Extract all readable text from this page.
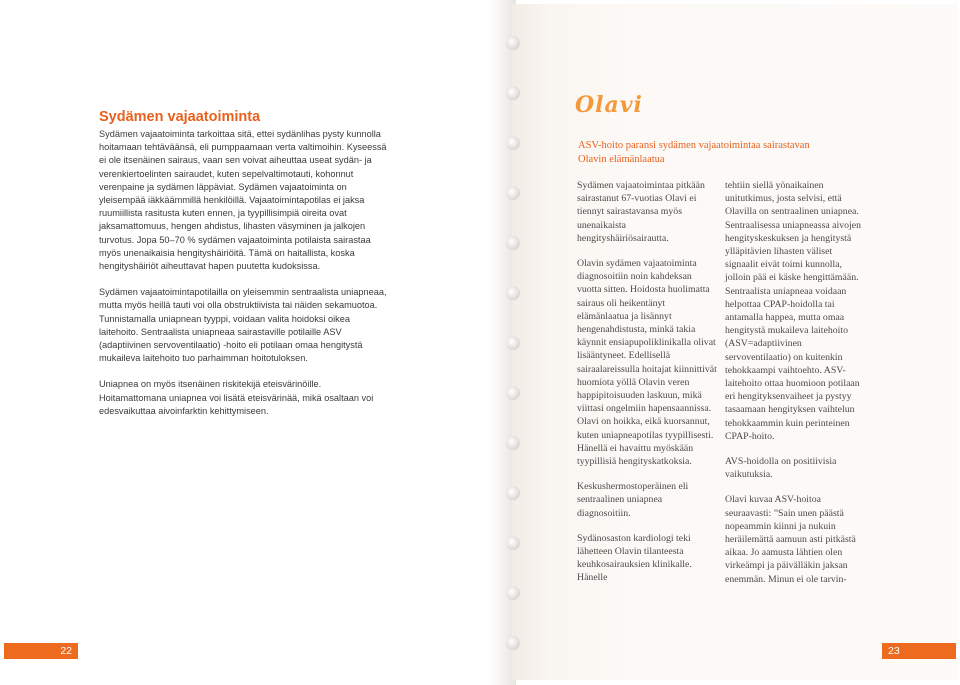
Sydämen vajaatoiminta

Sydämen vajaatoiminta tarkoittaa sitä, ettei sydänlihas pysty kunnolla hoitamaan tehtäväänsä, eli pumppaamaan verta valtimoihin. Kyseessä ei ole itsenäinen sairaus, vaan sen voivat aiheuttaa useat sydän- ja verenkiertoelinten sairaudet, kuten sepelvaltimotauti, kohonnut verenpaine ja sydämen läppäviat. Sydämen vajaatoiminta on yleisempää iäkkäämmillä henkilöillä. Vajaatoimintapotilas ei jaksa ruumiillista rasitusta kuten ennen, ja tyypillisimpiä oireita ovat jaksamattomuus, hengen ahdistus, lihasten väsyminen ja jalkojen turvotus. Jopa 50–70 % sydämen vajaatoiminta potilaista sairastaa myös unenaikaisia hengityshäiriöitä. Tämä on haitallista, koska hengityshäiriöt aiheuttavat hapen puutetta kudoksissa.

Sydämen vajaatoimintapotilailla on yleisemmin sentraalista uniapneaa, mutta myös heillä tauti voi olla obstruktiivista tai näiden sekamuotoa. Tunnistamalla uniapnean tyyppi, voidaan valita hoidoksi oikea laitehoito. Sentraalista uniapneaa sairastaville potilaille ASV (adaptiivinen servoventilaatio) -hoito eli potilaan omaa hengitystä mukaileva laitehoito tuo parhaimman hoitotuloksen.

Uniapnea on myös itsenäinen riskitekijä eteisvärinöille. Hoitamattomana uniapnea voi lisätä eteisvärinää, mikä osaltaan voi edesvaikuttaa aivoinfarktin kehittymiseen.

Olavi
ASV-hoito paransi sydämen vajaatoimintaa sairastavan Olavin elämänlaatua

Sydämen vajaatoimintaa pitkään sairastanut 67-vuotias Olavi ei tiennyt sairastavansa myös unenaikaista hengityshäiriösairautta.

Olavin sydämen vajaatoiminta diagnosoitiin noin kahdeksan vuotta sitten. Hoidosta huolimatta sairaus oli heikentänyt elämänlaatua ja lisännyt hengenahdistusta, minkä takia käynnit ensiapupoliklinikalla olivat lisääntyneet. Edellisellä sairaalareissulla hoitajat kiinnittivät huomiota yöllä Olavin veren happipitoisuuden laskuun, mikä viittasi ongelmiin hapensaannissa. Olavi on hoikka, eikä kuorsannut, kuten uniapneapotilas tyypillisesti. Hänellä ei havaittu myöskään tyypillisiä hengityskatkoksia.

Keskushermostoperäinen eli sentraalinen uniapnea diagnosoitiin.

Sydänosaston kardiologi teki lähetteen Olavin tilanteesta keuhkosairauksien klinikalle. Hänelle

tehtiin siellä yönaikainen unitutkimus, josta selvisi, että Olavilla on sentraalinen uniapnea. Sentraalisessa uniapneassa aivojen hengityskeskuksen ja hengitystä ylläpitävien lihasten väliset signaalit eivät toimi kunnolla, jolloin pää ei käske hengittämään. Sentraalista uniapneaa voidaan helpottaa CPAP-hoidolla tai antamalla happea, mutta omaa hengitystä mukaileva laitehoito (ASV=adaptiivinen servoventilaatio) on kuitenkin tehokkaampi vaihtoehto. ASV-laitehoito ottaa huomioon potilaan eri hengityksenvaiheet ja pystyy tasaamaan hengityksen vaihtelun tehokkaammin kuin perinteinen CPAP-hoito.

AVS-hoidolla on positiivisia vaikutuksia.

Olavi kuvaa ASV-hoitoa seuraavasti: ”Sain unen päästä nopeammin kiinni ja nukuin heräilemättä aamuun asti pitkästä aikaa. Jo aamusta lähtien olen virkeämpi ja päivälläkin jaksan enemmän. Minun ei ole tarvin-

22	23
